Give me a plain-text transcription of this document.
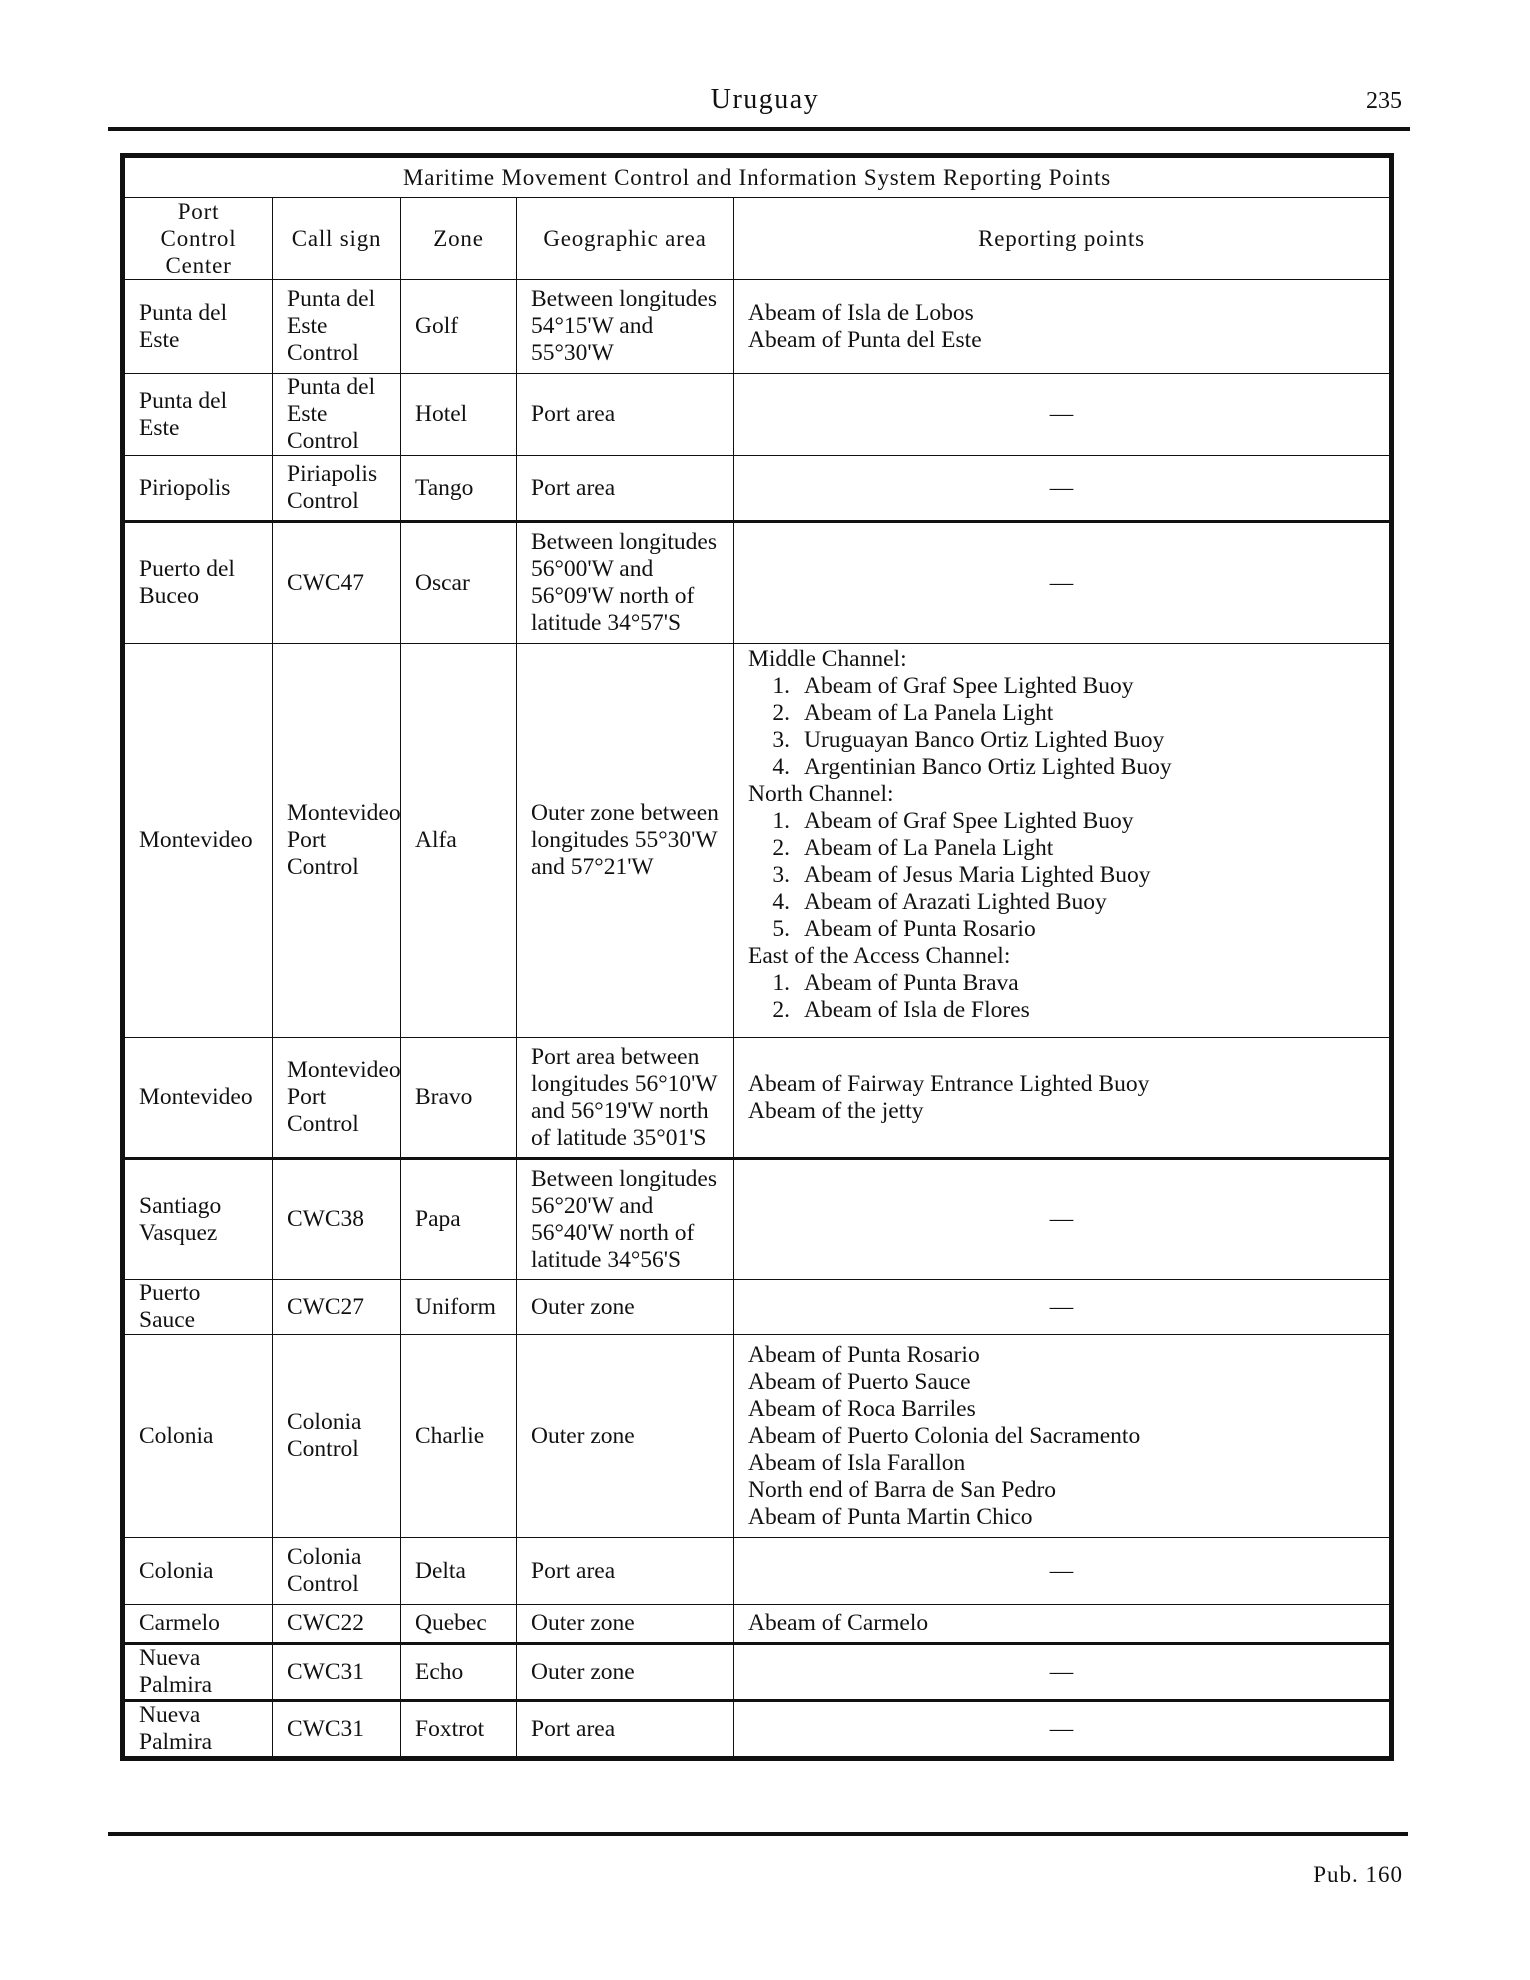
Uruguay	235
Maritime Movement Control and Information System Reporting Points				
Port Control Center	Call sign	Zone	Geographic area	Reporting points
Punta del Este	Punta del Este Control	Golf	Between longitudes 54°15'W and 55°30'W	Abeam of Isla de Lobos
Abeam of Punta del Este

Punta del Este	Punta del Este Control	Hotel	Port area	—
Piriopolis	Piriapolis Control	Tango	Port area	—
Puerto del Buceo	CWC47	Oscar	Between longitudes 56°00'W and 56°09'W north of latitude 34°57'S	—
Montevideo	Montevideo Port Control	Alfa	Outer zone between longitudes 55°30'W and 57°21'W	
Middle Channel:
1. Abeam of Graf Spee Lighted Buoy
2. Abeam of La Panela Light
3. Uruguayan Banco Ortiz Lighted Buoy
4. Argentinian Banco Ortiz Lighted Buoy
North Channel:
1. Abeam of Graf Spee Lighted Buoy
2. Abeam of La Panela Light
3. Abeam of Jesus Maria Lighted Buoy
4. Abeam of Arazati Lighted Buoy
5. Abeam of Punta Rosario
East of the Access Channel:
1. Abeam of Punta Brava
2. Abeam of Isla de Flores

Montevideo	Montevideo Port Control	Bravo	Port area between longitudes 56°10'W and 56°19'W north of latitude 35°01'S	Abeam of Fairway Entrance Lighted Buoy
Abeam of the jetty

Santiago Vasquez	CWC38	Papa	Between longitudes 56°20'W and 56°40'W north of latitude 34°56'S	—
Puerto Sauce	CWC27	Uniform	Outer zone	—
Colonia	Colonia Control	Charlie	Outer zone	
Abeam of Punta Rosario
Abeam of Puerto Sauce
Abeam of Roca Barriles
Abeam of Puerto Colonia del Sacramento
Abeam of Isla Farallon
North end of Barra de San Pedro
Abeam of Punta Martin Chico

Colonia	Colonia Control	Delta	Port area	—
Carmelo	CWC22	Quebec	Outer zone	Abeam of Carmelo

Nueva Palmira	CWC31	Echo	Outer zone	—
Nueva Palmira	CWC31	Foxtrot	Port area	—
Pub. 160
